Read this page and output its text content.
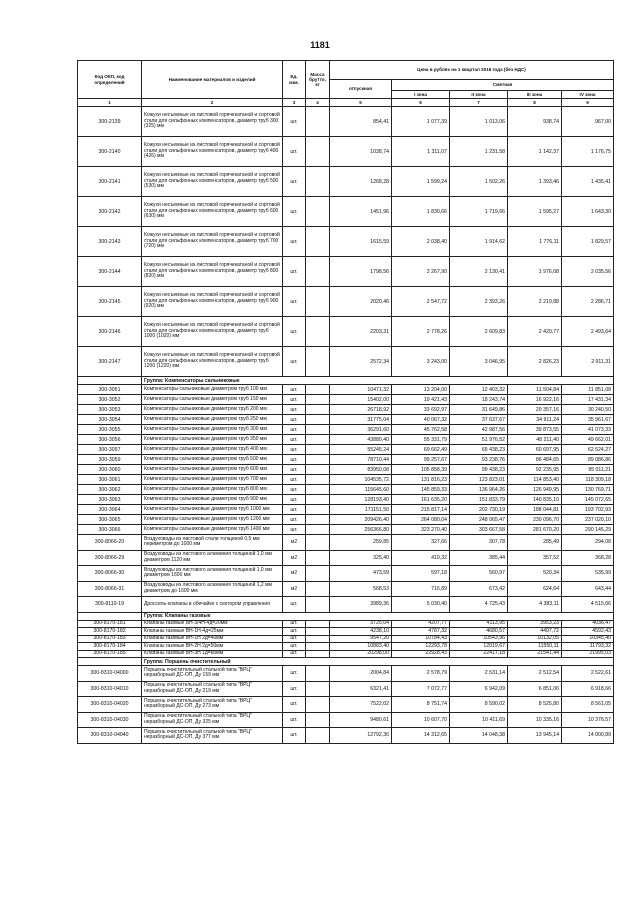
1181
Код ОКП, код определений	Наименование материалов и изделий	Ед. изм.	Масса брутто, кг	Цена в рублях на 1 квартал 2016 года (без НДС)				
				отпускная	Сметная			
					I зона	II зона	III зона	IV зона
1	2	3	4	5	6	7	8	9
300-2139	Кожухи несъемные из листовой горячекатаной и сортовой стали для сильфонных компенсаторов, диаметр труб 300 (325) мм	шт.		854,41	1 077,39	1 013,06	938,74	967,00
300-2140	Кожухи несъемные из листовой горячекатаной и сортовой стали для сильфонных компенсаторов, диаметр труб 400 (426) мм	шт.		1038,74	1 311,07	1 231,58	1 142,37	1 176,75
300-2141	Кожухи несъемные из листовой горячекатаной и сортовой стали для сильфонных компенсаторов, диаметр труб 500 (530) мм	шт.		1268,28	1 599,24	1 502,26	1 393,46	1 435,41
300-2142	Кожухи несъемные из листовой горячекатаной и сортовой стали для сильфонных компенсаторов, диаметр труб 600 (630) мм	шт.		1451,96	1 830,66	1 719,66	1 595,27	1 643,30
300-2143	Кожухи несъемные из листовой горячекатаной и сортовой стали для сильфонных компенсаторов, диаметр труб 700 (720) мм	шт.		1615,59	2 038,40	1 914,62	1 776,11	1 829,57
300-2144	Кожухи несъемные из листовой горячекатаной и сортовой стали для сильфонных компенсаторов, диаметр труб 800 (820) мм	шт.		1798,56	2 267,90	2 130,41	1 976,08	2 035,56
300-2145	Кожухи несъемные из листовой горячекатаной и сортовой стали для сильфонных компенсаторов, диаметр труб 900 (920) мм	шт.		2020,46	2 547,72	2 393,26	2 219,88	2 286,71
300-2146	Кожухи несъемные из листовой горячекатаной и сортовой стали для сильфонных компенсаторов, диаметр труб 1000 (1020) мм	шт.		2203,31	2 778,26	2 609,83	2 420,77	2 493,64
300-2147	Кожухи несъемные из листовой горячекатаной и сортовой стали для сильфонных компенсаторов, диаметр труб 1200 (1220) мм	шт.		2572,34	3 243,00	3 046,95	2 826,23	2 911,31
	Группа: Компенсаторы сальниковые							
300-3051	Компенсаторы сальниковые диаметром труб 100 мм	шт.		10471,32	13 204,00	12 403,32	11 504,84	11 851,08
300-3052	Компенсаторы сальниковые диаметром труб 150 мм	шт.		15402,00	19 421,43	18 243,74	16 922,16	17 431,34
300-3053	Компенсаторы сальниковые диаметром труб 200 мм	шт.		26718,92	33 692,97	31 649,86	29 357,16	30 240,50
300-3054	Компенсаторы сальниковые диаметром труб 250 мм	шт.		31775,04	40 067,32	37 637,67	34 911,24	35 961,67
300-3055	Компенсаторы сальниковые диаметром труб 300 мм	шт.		36291,60	45 762,58	42 987,56	39 873,55	41 073,33
300-3056	Компенсаторы сальниковые диаметром труб 350 мм	шт.		43880,40	55 331,79	51 976,52	48 211,40	49 662,01
300-3057	Компенсаторы сальниковые диаметром труб 400 мм	шт.		55245,24	69 662,49	65 438,23	60 697,95	62 524,27
300-3059	Компенсаторы сальниковые диаметром труб 500 мм	шт.		78710,44	99 257,67	93 238,76	86 484,65	89 086,86
300-3060	Компенсаторы сальниковые диаметром труб 600 мм	шт.		83950,08	105 858,39	99 438,23	92 235,95	95 011,21
300-3061	Компенсаторы сальниковые диаметром труб 700 мм	шт.		104535,72	131 816,23	123 823,01	114 853,40	118 309,18
300-3062	Компенсаторы сальниковые диаметром труб 800 мм	шт.		115645,60	145 859,33	136 964,26	126 949,95	130 769,71
300-3063	Компенсаторы сальниковые диаметром труб 900 мм	шт.		128193,40	161 635,20	151 833,79	140 835,10	145 072,65
300-3064	Компенсаторы сальниковые диаметром труб 1000 мм	шт.		171151,50	215 817,14	202 730,19	188 044,81	193 702,93
300-3065	Компенсаторы сальниковые диаметром труб 1200 мм	шт.		209426,40	264 080,04	248 065,47	230 096,70	237 020,10
300-3066	Компенсаторы сальниковые диаметром труб 1400 мм	шт.		256366,80	323 270,40	303 667,58	281 670,20	290 145,29
300-8066-20	Воздуховоды из листовой стали толщиной 0,5 мм периметром до 1000 мм	м2		259,85	327,66	307,78	285,49	294,08
300-8066-29	Воздуховоды из листового алюминия толщиной 1,0 мм диаметром 1120 мм	м2		325,40	410,32	385,44	357,52	368,28
300-8066-30	Воздуховоды из листового алюминия толщиной 1,0 мм диаметром 1600 мм	м2		473,59	597,18	560,97	520,34	535,99
300-8066-31	Воздуховоды из листового алюминия толщиной 1,2 мм диаметром до 1600 мм	м2		568,53	716,89	673,42	624,64	643,44
300-8110-19	Дроссель-клапаны в обечайке с сектором управления	шт.		3989,36	5 030,40	4 725,43	4 383,11	4 515,06
	Группа: Клапаны газовые							
300-8170-181	Клапаны газовые ВН-3/4Н-4д=20мм	шт.		3725,04	4207,77	4113,95	3953,23	4036,47
300-8170-182	Клапаны газовые ВН-1Н-4д=25мм	шт.		4238,10	4787,32	4680,57	4497,72	4592,43
300-8170-183	Клапаны газовые ВН-1Н 2д=40мм	шт.		9547,20	10784,43	10543,96	10132,05	10345,40
300-8170-184	Клапаны газовые ВН-2Н 2д=50мм	шт.		10883,40	12293,78	12019,67	11550,11	11793,32
300-8170-185	Клапаны газовые ВН-3Н 1д=80мм	шт.		20298,00	22928,43	22417,18	21541,44	21995,03
	Группа: Поршень очистительный							
300-8310-04000	Поршень очистительный стальной типа "ВРЦ" неразборный ДС-ОП, Ду 159 мм	шт.		2004,84	2 578,79	2 531,14	2 512,54	2 522,61
300-8310-04010	Поршень очистительный стальной типа "ВРЦ" неразборный ДС-ОП, Ду 219 мм	шт.		6321,41	7 072,77	6 942,09	6 851,06	6 918,66
300-8310-04020	Поршень очистительный стальной типа "ВРЦ" неразборный ДС-ОП, Ду 273 мм	шт.		7522,02	8 751,74	8 590,02	8 525,80	8 561,05
300-8310-04030	Поршень очистительный стальной типа "ВРЦ" неразборный ДС-ОП, Ду 325 мм	шт.		9480,61	10 607,70	10 411,69	10 335,16	10 376,57
300-8310-04040	Поршень очистительный стальной типа "ВРЦ" неразборный ДС-ОП, Ду 377 мм	шт.		12792,36	14 312,65	14 048,38	13 945,14	14 000,89
